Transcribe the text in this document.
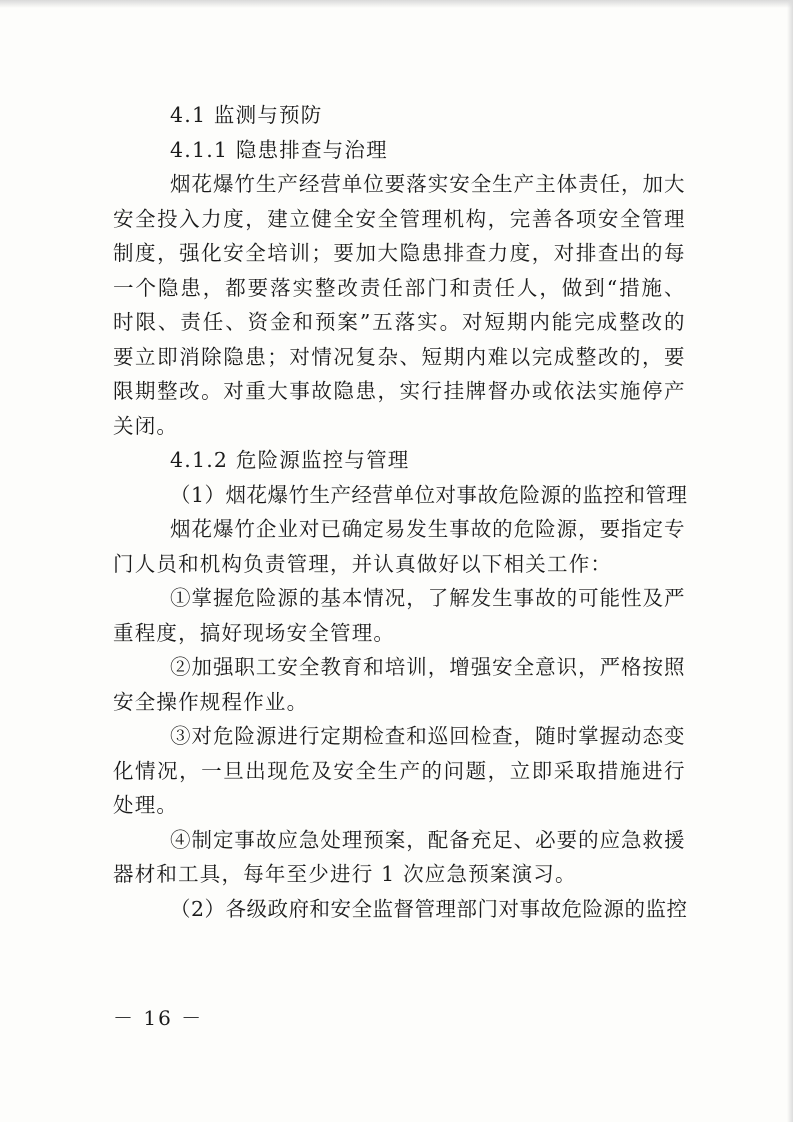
4.1 监测与预防
4.1.1 隐患排查与治理
烟花爆竹生产经营单位要落实安全生产主体责任，加大
安全投入力度，建立健全安全管理机构，完善各项安全管理
制度，强化安全培训；要加大隐患排查力度，对排查出的每
一个隐患，都要落实整改责任部门和责任人，做到“措施、
时限、责任、资金和预案”五落实。对短期内能完成整改的
要立即消除隐患；对情况复杂、短期内难以完成整改的，要
限期整改。对重大事故隐患，实行挂牌督办或依法实施停产
关闭。
4.1.2 危险源监控与管理
（1）烟花爆竹生产经营单位对事故危险源的监控和管理
烟花爆竹企业对已确定易发生事故的危险源，要指定专
门人员和机构负责管理，并认真做好以下相关工作：
①掌握危险源的基本情况，了解发生事故的可能性及严
重程度，搞好现场安全管理。
②加强职工安全教育和培训，增强安全意识，严格按照
安全操作规程作业。
③对危险源进行定期检查和巡回检查，随时掌握动态变
化情况，一旦出现危及安全生产的问题，立即采取措施进行
处理。
④制定事故应急处理预案，配备充足、必要的应急救援
器材和工具，每年至少进行 1 次应急预案演习。
（2）各级政府和安全监督管理部门对事故危险源的监控
－ 16 －
